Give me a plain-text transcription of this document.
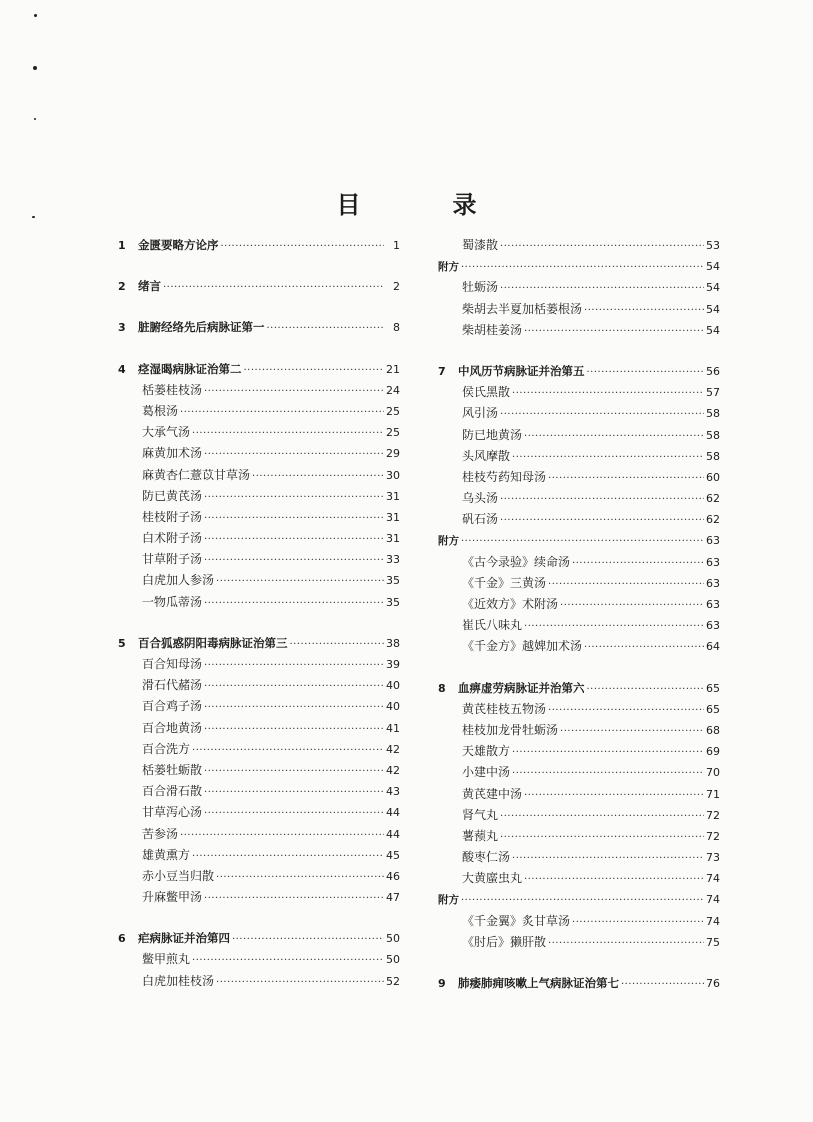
目　录
1	金匮要略方论序 ·····	1
2	绪言 ·····	2
3	脏腑经络先后病脉证第一 ·····	8
4	痉湿暍病脉证治第二 ·····	21
栝蒌桂枝汤 ·····	24
葛根汤 ·····	25
大承气汤 ·····	25
麻黄加术汤 ·····	29
麻黄杏仁薏苡甘草汤 ·····	30
防已黄芪汤 ·····	31
桂枝附子汤 ·····	31
白术附子汤 ·····	31
甘草附子汤 ·····	33
白虎加人参汤 ·····	35
一物瓜蒂汤 ·····	35
5	百合狐惑阴阳毒病脉证治第三 ·····	38
百合知母汤 ·····	39
滑石代赭汤 ·····	40
百合鸡子汤 ·····	40
百合地黄汤 ·····	41
百合洗方 ·····	42
栝蒌牡蛎散 ·····	42
百合滑石散 ·····	43
甘草泻心汤 ·····	44
苦参汤 ·····	44
雄黄熏方 ·····	45
赤小豆当归散 ·····	46
升麻鳖甲汤 ·····	47
6	疟病脉证并治第四 ·····	50
鳖甲煎丸 ·····	50
白虎加桂枝汤 ·····	52
蜀漆散 ·····	53
附方 ·····	54
牡蛎汤 ·····	54
柴胡去半夏加栝蒌根汤 ·····	54
柴胡桂姜汤 ·····	54
7	中风历节病脉证并治第五 ·····	56
侯氏黑散 ·····	57
风引汤 ·····	58
防已地黄汤 ·····	58
头风摩散 ·····	58
桂枝芍药知母汤 ·····	60
乌头汤 ·····	62
矾石汤 ·····	62
附方 ·····	63
《古今录验》续命汤 ·····	63
《千金》三黄汤 ·····	63
《近效方》术附汤 ·····	63
崔氏八味丸 ·····	63
《千金方》越婢加术汤 ·····	64
8	血痹虚劳病脉证并治第六 ·····	65
黄芪桂枝五物汤 ·····	65
桂枝加龙骨牡蛎汤 ·····	68
天雄散方 ·····	69
小建中汤 ·····	70
黄芪建中汤 ·····	71
肾气丸 ·····	72
薯蓣丸 ·····	72
酸枣仁汤 ·····	73
大黄䗪虫丸 ·····	74
附方 ·····	74
《千金翼》炙甘草汤 ·····	74
《肘后》獭肝散 ·····	75
9	肺痿肺痈咳嗽上气病脉证治第七 ·····	76
